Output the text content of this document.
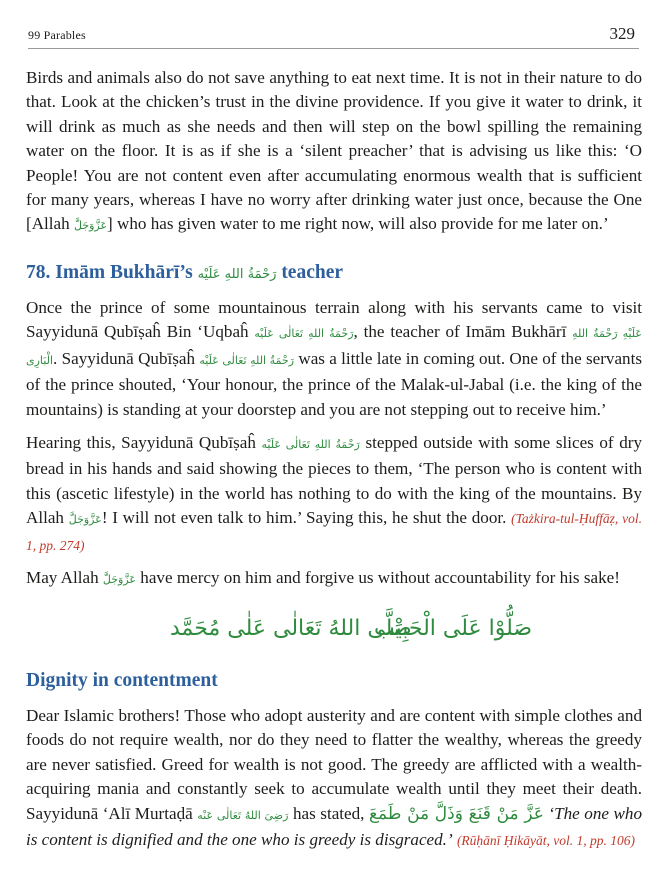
99 Parables	329

Birds and animals also do not save anything to eat next time. It is not in their nature to do that. Look at the chicken’s trust in the divine providence. If you give it water to drink, it will drink as much as she needs and then will step on the bowl spilling the remaining water on the floor. It is as if she is a ‘silent preacher’ that is advising us like this: ‘O People! You are not content even after accumulating enormous wealth that is sufficient for many years, whereas I have no worry after drinking water just once, because the One [Allah عَزَّوَجَلَّ] who has given water to me right now, will also provide for me later on.’

78. Imām Bukhārī’s رَحْمَةُ اللهِ عَلَيْه teacher

Once the prince of some mountainous terrain along with his servants came to visit Sayyidunā Qubīṣaĥ Bin ‘Uqbaĥ رَحْمَةُ اللهِ تَعَالٰی عَلَيْه, the teacher of Imām Bukhārī عَلَيْهِ رَحْمَةُ اللهِ الْبَارِی. Sayyidunā Qubīṣaĥ رَحْمَةُ اللهِ تَعَالٰی عَلَيْه was a little late in coming out. One of the servants of the prince shouted, ‘Your honour, the prince of the Malak-ul-Jabal (i.e. the king of the mountains) is standing at your doorstep and you are not stepping out to receive him.’

Hearing this, Sayyidunā Qubīṣaĥ رَحْمَةُ اللهِ تَعَالٰی عَلَيْه stepped outside with some slices of dry bread in his hands and said showing the pieces to them, ‘The person who is content with this (ascetic lifestyle) in the world has nothing to do with the king of the mountains. By Allah عَزَّوَجَلَّ! I will not even talk to him.’ Saying this, he shut the door. (Tażkira-tul-Ḥuffāẓ, vol. 1, pp. 274)

May Allah عَزَّوَجَلَّ have mercy on him and forgive us without accountability for his sake!

صَلَّى اللهُ تَعَالٰی عَلٰی مُحَمَّد
صَلُّوْا عَلَى الْحَبِيْب
Dignity in contentment

Dear Islamic brothers! Those who adopt austerity and are content with simple clothes and foods do not require wealth, nor do they need to flatter the wealthy, whereas the greedy are never satisfied. Greed for wealth is not good. The greedy are afflicted with a wealth-acquiring mania and constantly seek to accumulate wealth until they meet their death. Sayyidunā ‘Alī Murtaḍā رَضِیَ اللهُ تَعَالٰی عَنْه has stated, عَزَّ مَنْ قَنَعَ وَذَلَّ مَنْ طَمَعَ ‘The one who is content is dignified and the one who is greedy is disgraced.’ (Rūḥānī Ḥikāyāt, vol. 1, pp. 106)
